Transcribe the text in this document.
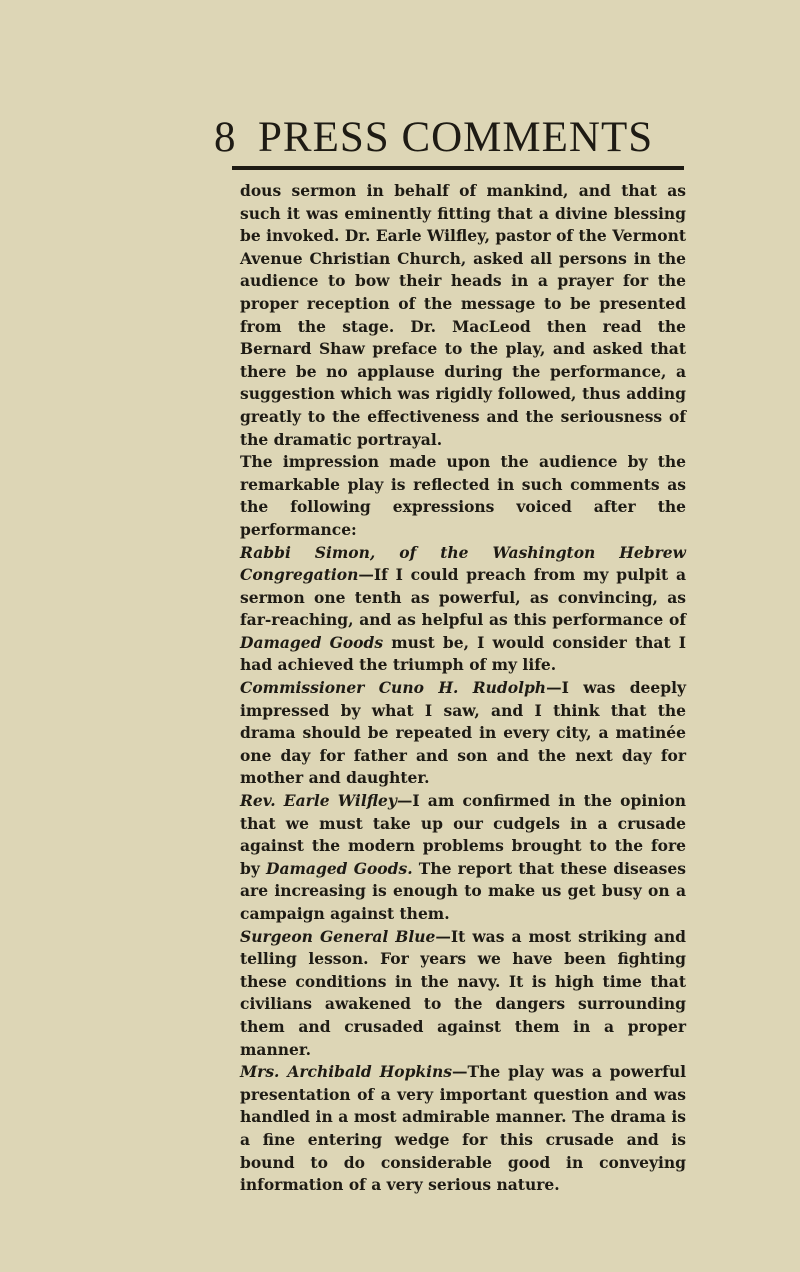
8 PRESS COMMENTS

dous sermon in behalf of mankind, and that as such it was eminently fitting that a divine blessing be invoked. Dr. Earle Wilfley, pastor of the Vermont Avenue Christian Church, asked all persons in the audience to bow their heads in a prayer for the proper reception of the message to be presented from the stage. Dr. MacLeod then read the Bernard Shaw preface to the play, and asked that there be no applause during the performance, a suggestion which was rigidly followed, thus adding greatly to the effectiveness and the seriousness of the dramatic portrayal.

The impression made upon the audience by the remarkable play is reflected in such comments as the following expressions voiced after the performance:

Rabbi Simon, of the Washington Hebrew Congregation—If I could preach from my pulpit a sermon one tenth as powerful, as convincing, as far-reaching, and as helpful as this performance of Damaged Goods must be, I would consider that I had achieved the triumph of my life.

Commissioner Cuno H. Rudolph—I was deeply impressed by what I saw, and I think that the drama should be repeated in every city, a matinée one day for father and son and the next day for mother and daughter.

Rev. Earle Wilfley—I am confirmed in the opinion that we must take up our cudgels in a crusade against the modern problems brought to the fore by Damaged Goods. The report that these diseases are increasing is enough to make us get busy on a campaign against them.

Surgeon General Blue—It was a most striking and telling lesson. For years we have been fighting these conditions in the navy. It is high time that civilians awakened to the dangers surrounding them and crusaded against them in a proper manner.

Mrs. Archibald Hopkins—The play was a powerful presentation of a very important question and was handled in a most admirable manner. The drama is a fine entering wedge for this crusade and is bound to do considerable good in conveying information of a very serious nature.
